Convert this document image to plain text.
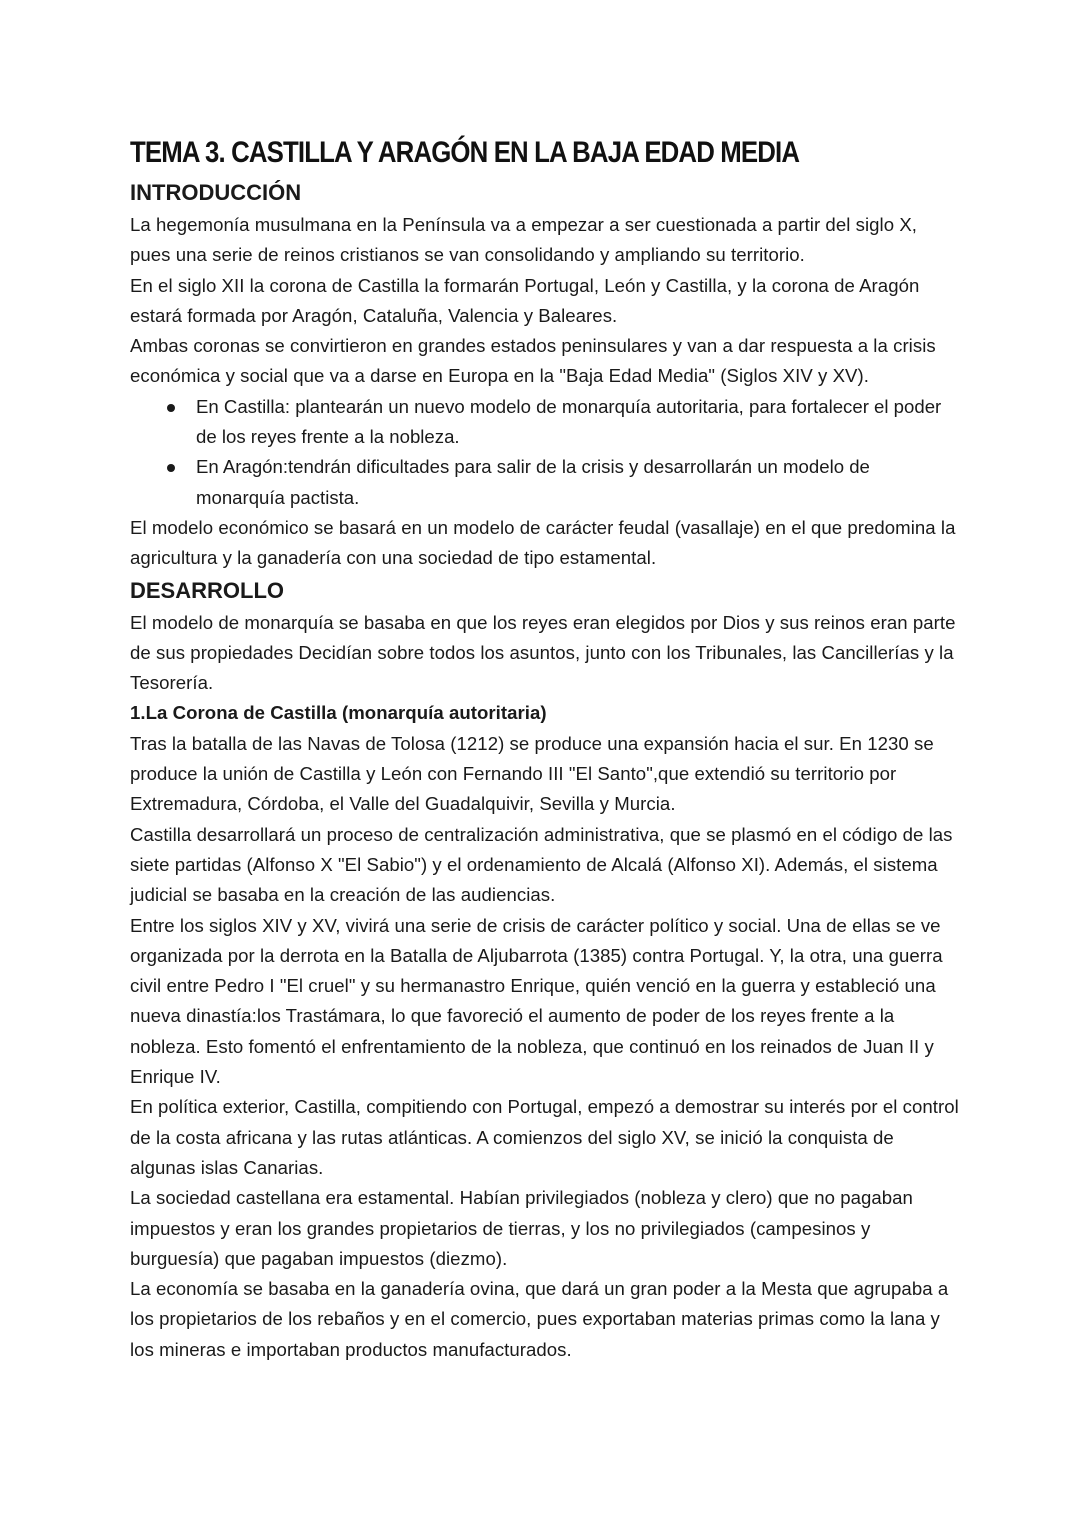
TEMA 3. CASTILLA Y ARAGÓN EN LA BAJA EDAD MEDIA
INTRODUCCIÓN

La hegemonía musulmana en la Península va a empezar a ser cuestionada a partir del siglo X, pues una serie de reinos cristianos se van consolidando y ampliando su territorio.

En el siglo XII la corona de Castilla la formarán Portugal, León y Castilla, y la corona de Aragón estará formada por Aragón, Cataluña, Valencia y Baleares.

Ambas coronas se convirtieron en grandes estados peninsulares y van a dar respuesta a la crisis económica y social que va a darse en Europa en la "Baja Edad Media" (Siglos XIV y XV).

En Castilla: plantearán un nuevo modelo de monarquía autoritaria, para fortalecer el poder de los reyes frente a la nobleza.
En Aragón:tendrán dificultades para salir de la crisis y desarrollarán un modelo de monarquía pactista.

El modelo económico se basará en un modelo de carácter feudal (vasallaje) en el que predomina la agricultura y la ganadería con una sociedad de tipo estamental.

DESARROLLO

El modelo de monarquía se basaba en que los reyes eran elegidos por Dios y sus reinos eran parte de sus propiedades Decidían sobre todos los asuntos, junto con los Tribunales, las Cancillerías y la Tesorería.

1.La Corona de Castilla (monarquía autoritaria)

Tras la batalla de las Navas de Tolosa (1212) se produce una expansión hacia el sur. En 1230 se produce la unión de Castilla y León con Fernando III "El Santo",que extendió su territorio por Extremadura, Córdoba, el Valle del Guadalquivir, Sevilla y Murcia.

Castilla desarrollará un proceso de centralización administrativa, que se plasmó en el código de las siete partidas (Alfonso X "El Sabio") y el ordenamiento de Alcalá (Alfonso XI). Además, el sistema judicial se basaba en la creación de las audiencias.

Entre los siglos XIV y XV, vivirá una serie de crisis de carácter político y social. Una de ellas se ve organizada por la derrota en la Batalla de Aljubarrota (1385) contra Portugal. Y, la otra, una guerra civil entre Pedro I "El cruel" y su hermanastro Enrique, quién venció en la guerra y estableció una nueva dinastía:los Trastámara, lo que favoreció el aumento de poder de los reyes frente a la nobleza. Esto fomentó el enfrentamiento de la nobleza, que continuó en los reinados de Juan II y Enrique IV.

En política exterior, Castilla, compitiendo con Portugal, empezó a demostrar su interés por el control de la costa africana y las rutas atlánticas. A comienzos del siglo XV, se inició la conquista de algunas islas Canarias.

La sociedad castellana era estamental. Habían privilegiados (nobleza y clero) que no pagaban impuestos y eran los grandes propietarios de tierras, y los no privilegiados (campesinos y burguesía) que pagaban impuestos (diezmo).

La economía se basaba en la ganadería ovina, que dará un gran poder a la Mesta que agrupaba a los propietarios de los rebaños y en el comercio, pues exportaban materias primas como la lana y los mineras e importaban productos manufacturados.
